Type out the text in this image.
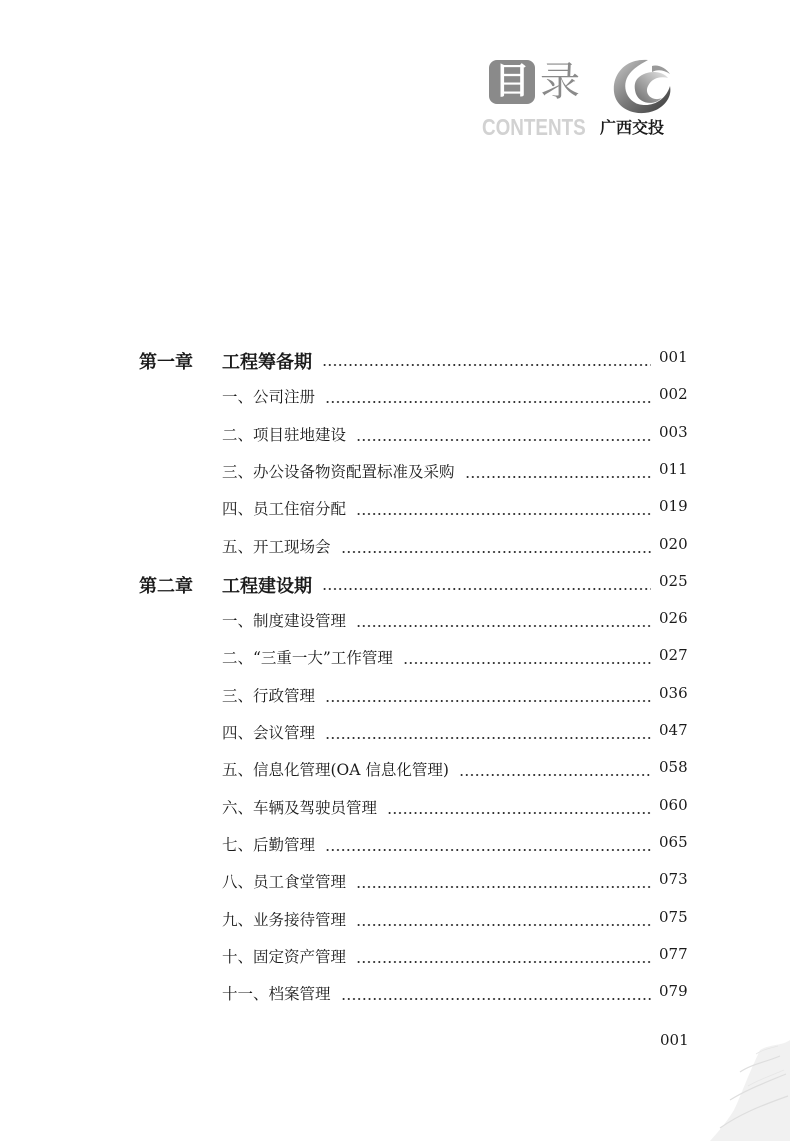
目 录
CONTENTS 广西交投
第一章 工程筹备期	001
一、公司注册	002
二、项目驻地建设	003
三、办公设备物资配置标准及采购	011
四、员工住宿分配	019
五、开工现场会	020
第二章 工程建设期	025
一、制度建设管理	026
二、“三重一大”工作管理	027
三、行政管理	036
四、会议管理	047
五、信息化管理(OA 信息化管理)	058
六、车辆及驾驶员管理	060
七、后勤管理	065
八、员工食堂管理	073
九、业务接待管理	075
十、固定资产管理	077
十一、档案管理	079
001
